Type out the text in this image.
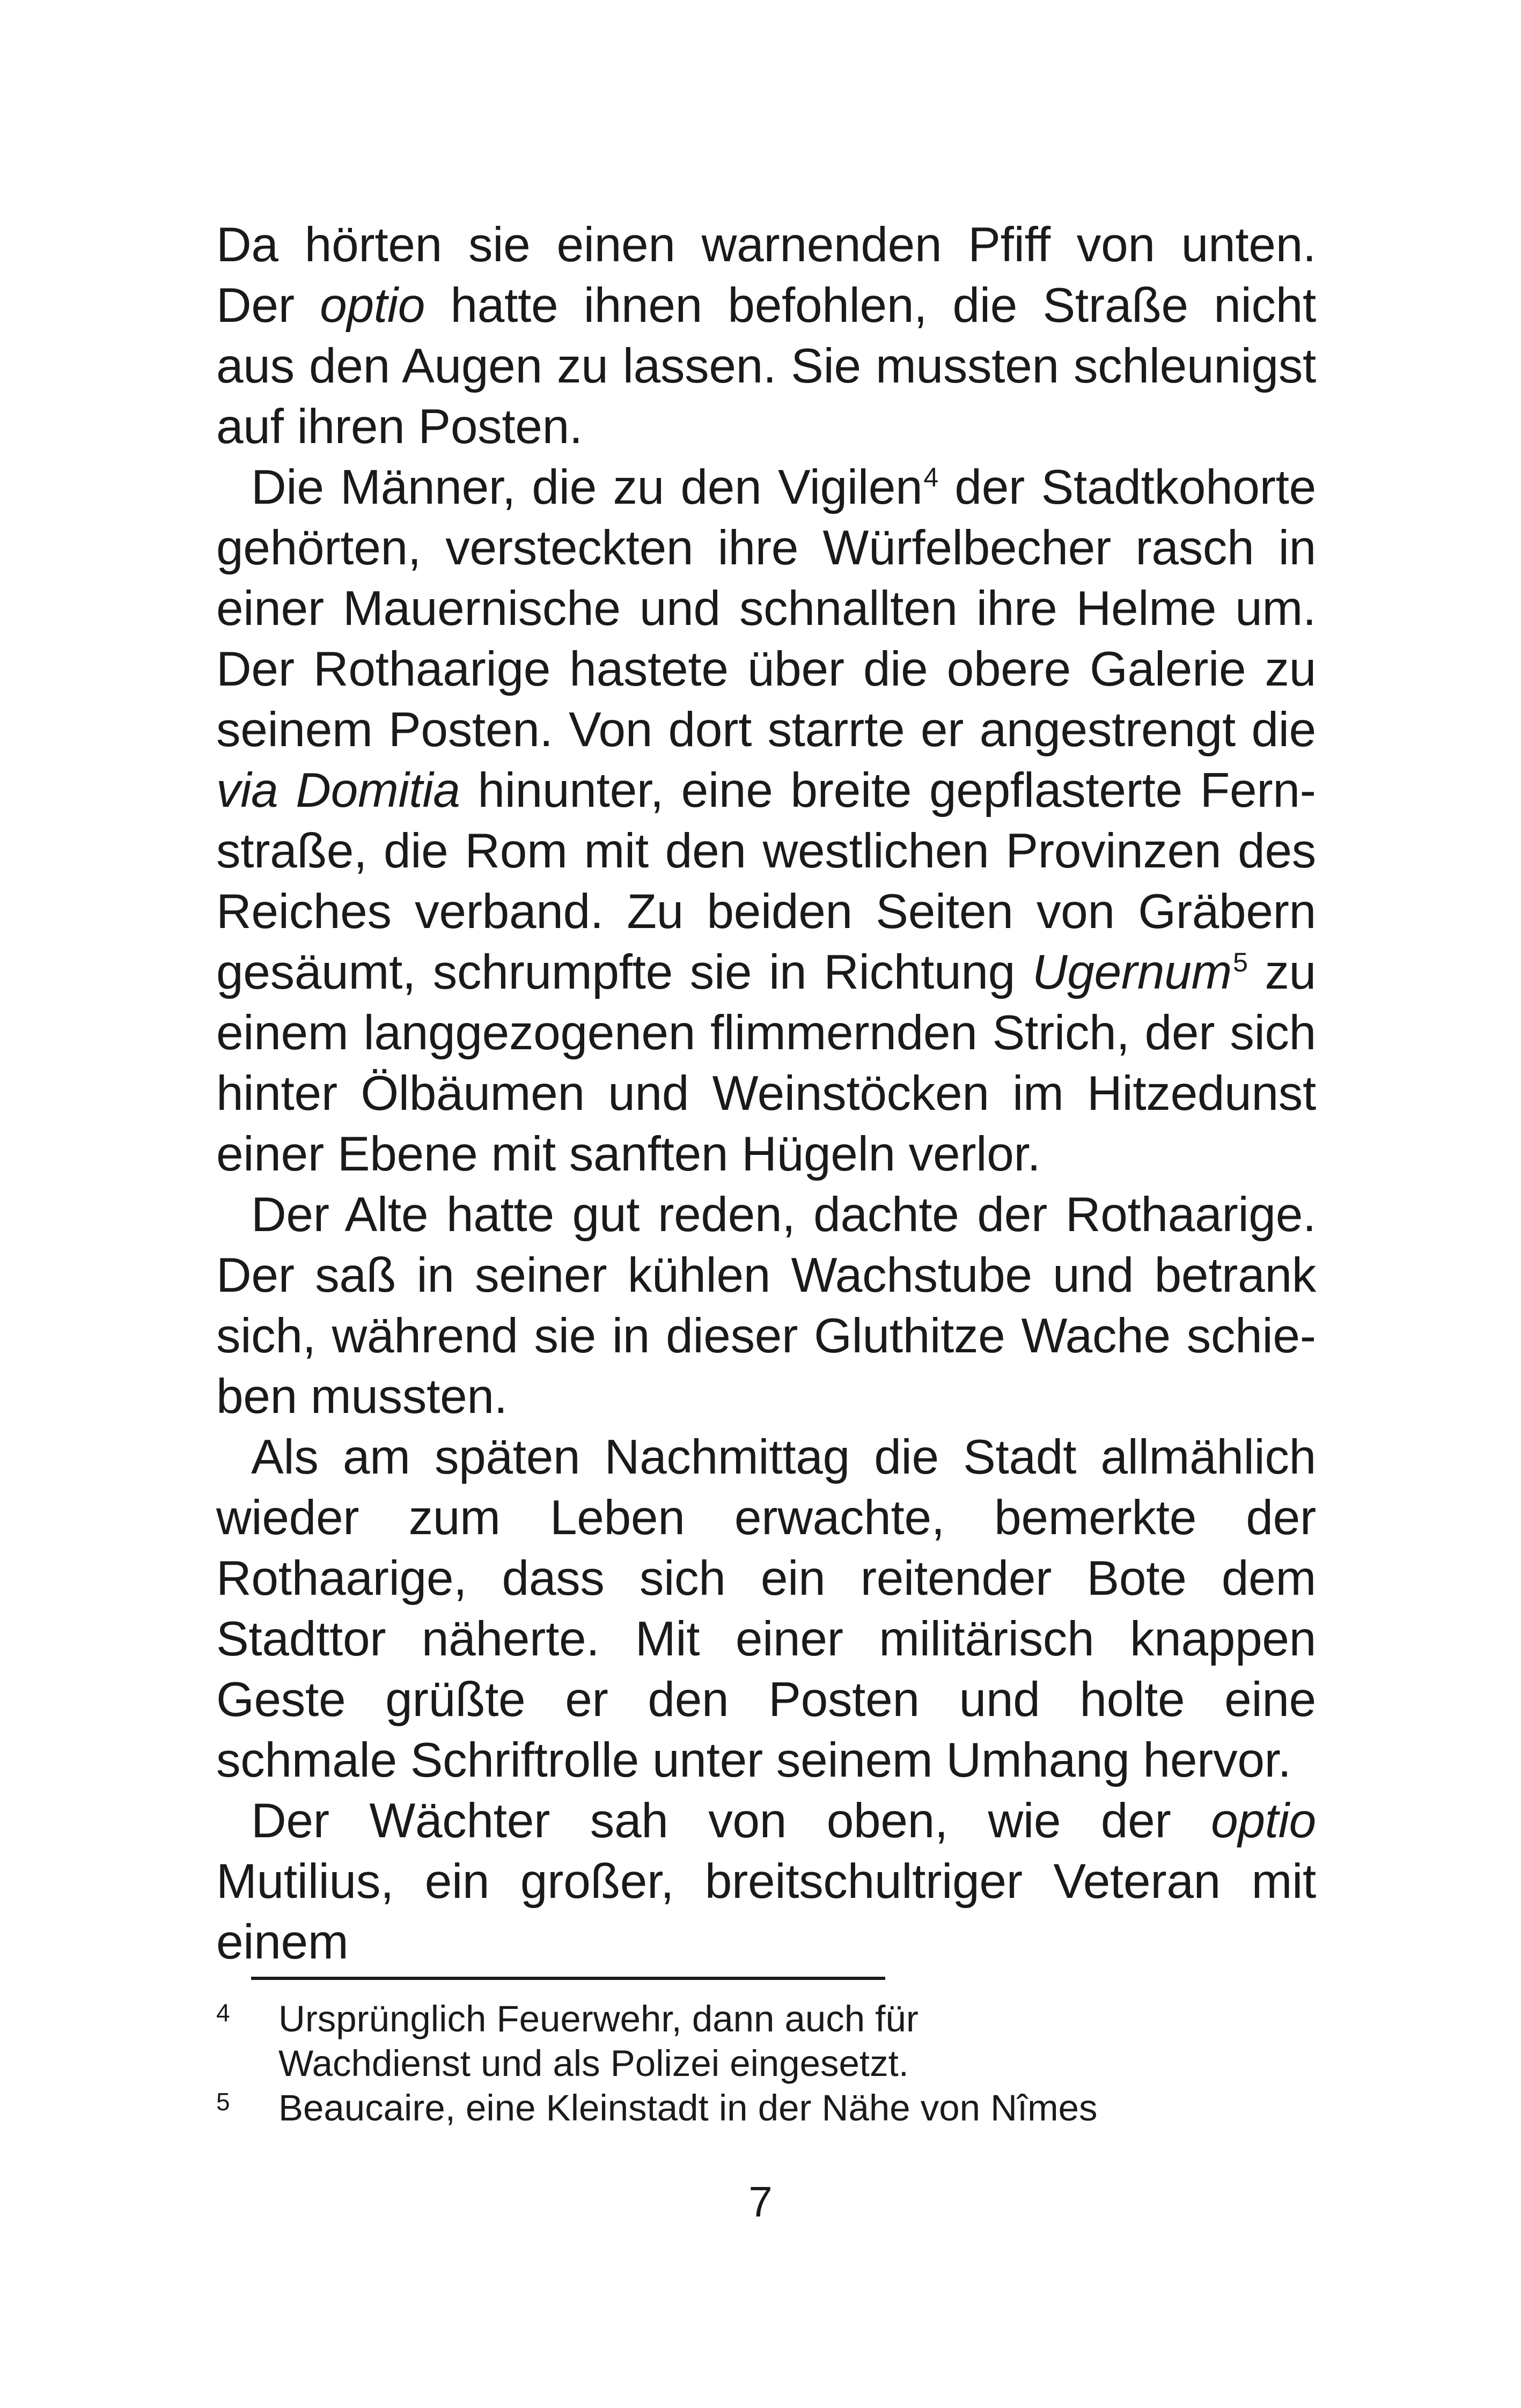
Da hörten sie einen warnenden Pfiff von unten. Der optio hatte ihnen befohlen, die Straße nicht aus den Augen zu lassen. Sie mussten schleunigst auf ihren Posten.

Die Männer, die zu den Vigilen$^4$ der Stadtkohorte gehörten, versteckten ihre Würfelbecher rasch in einer Mauernische und schnallten ihre Helme um. Der Rothaarige hastete über die obere Galerie zu seinem Posten. Von dort starrte er angestrengt die via Domitia hinunter, eine breite gepflasterte Fernstraße, die Rom mit den westlichen Provinzen des Reiches verband. Zu beiden Seiten von Gräbern gesäumt, schrumpfte sie in Richtung Ugernum$^5$ zu einem langgezogenen flimmernden Strich, der sich hinter Ölbäumen und Weinstöcken im Hitzedunst einer Ebene mit sanften Hügeln verlor.

Der Alte hatte gut reden, dachte der Rothaarige. Der saß in seiner kühlen Wachstube und betrank sich, während sie in dieser Gluthitze Wache schieben mussten.

Als am späten Nachmittag die Stadt allmählich wieder zum Leben erwachte, bemerkte der Rothaarige, dass sich ein reitender Bote dem Stadttor näherte. Mit einer militärisch knappen Geste grüßte er den Posten und holte eine schmale Schriftrolle unter seinem Umhang hervor.

Der Wächter sah von oben, wie der optio Mutilius, ein großer, breitschultriger Veteran mit einem

4	Ursprünglich Feuerwehr, dann auch für Wachdienst und als Polizei eingesetzt.
5	Beaucaire, eine Kleinstadt in der Nähe von Nîmes
7
